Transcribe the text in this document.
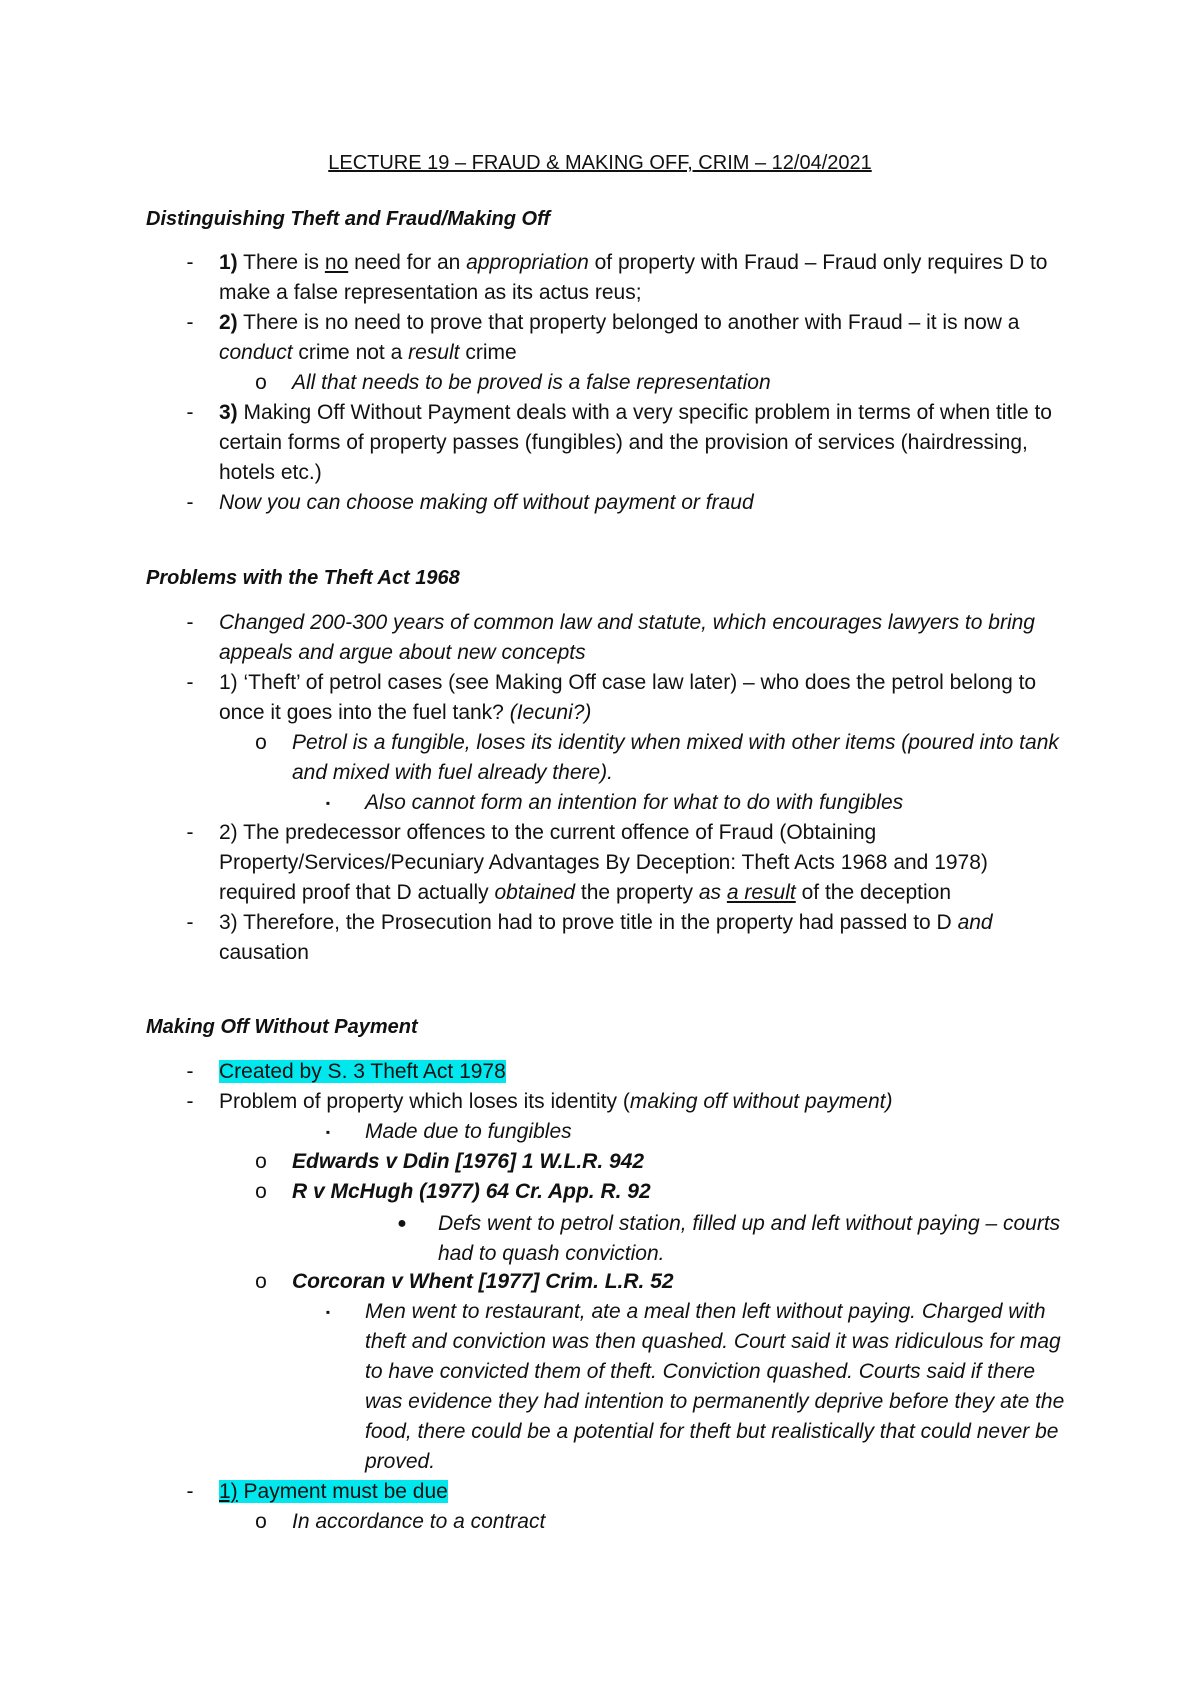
LECTURE 19 – FRAUD & MAKING OFF, CRIM – 12/04/2021
Distinguishing Theft and Fraud/Making Off
-	1) There is no need for an appropriation of property with Fraud – Fraud only requires D to make a false representation as its actus reus;
-	2) There is no need to prove that property belonged to another with Fraud – it is now a conduct crime not a result crime
o All that needs to be proved is a false representation
-	3) Making Off Without Payment deals with a very specific problem in terms of when title to certain forms of property passes (fungibles) and the provision of services (hairdressing, hotels etc.)
-	Now you can choose making off without payment or fraud
Problems with the Theft Act 1968
-	Changed 200-300 years of common law and statute, which encourages lawyers to bring appeals and argue about new concepts
-	1) ‘Theft’ of petrol cases (see Making Off case law later) – who does the petrol belong to once it goes into the fuel tank? (Iecuni?)
o Petrol is a fungible, loses its identity when mixed with other items (poured into tank and mixed with fuel already there).
▪	Also cannot form an intention for what to do with fungibles
-	2) The predecessor offences to the current offence of Fraud (Obtaining Property/Services/Pecuniary Advantages By Deception: Theft Acts 1968 and 1978) required proof that D actually obtained the property as a result of the deception
-	3) Therefore, the Prosecution had to prove title in the property had passed to D and causation
Making Off Without Payment
-	Created by S. 3 Theft Act 1978
-	Problem of property which loses its identity (making off without payment)
▪	Made due to fungibles
o Edwards v Ddin [1976] 1 W.L.R. 942
o R v McHugh (1977) 64 Cr. App. R. 92
● Defs went to petrol station, filled up and left without paying – courts had to quash conviction.
o Corcoran v Whent [1977] Crim. L.R. 52
▪	Men went to restaurant, ate a meal then left without paying. Charged with theft and conviction was then quashed. Court said it was ridiculous for mag to have convicted them of theft. Conviction quashed. Courts said if there was evidence they had intention to permanently deprive before they ate the food, there could be a potential for theft but realistically that could never be proved.
-	1) Payment must be due
o In accordance to a contract
